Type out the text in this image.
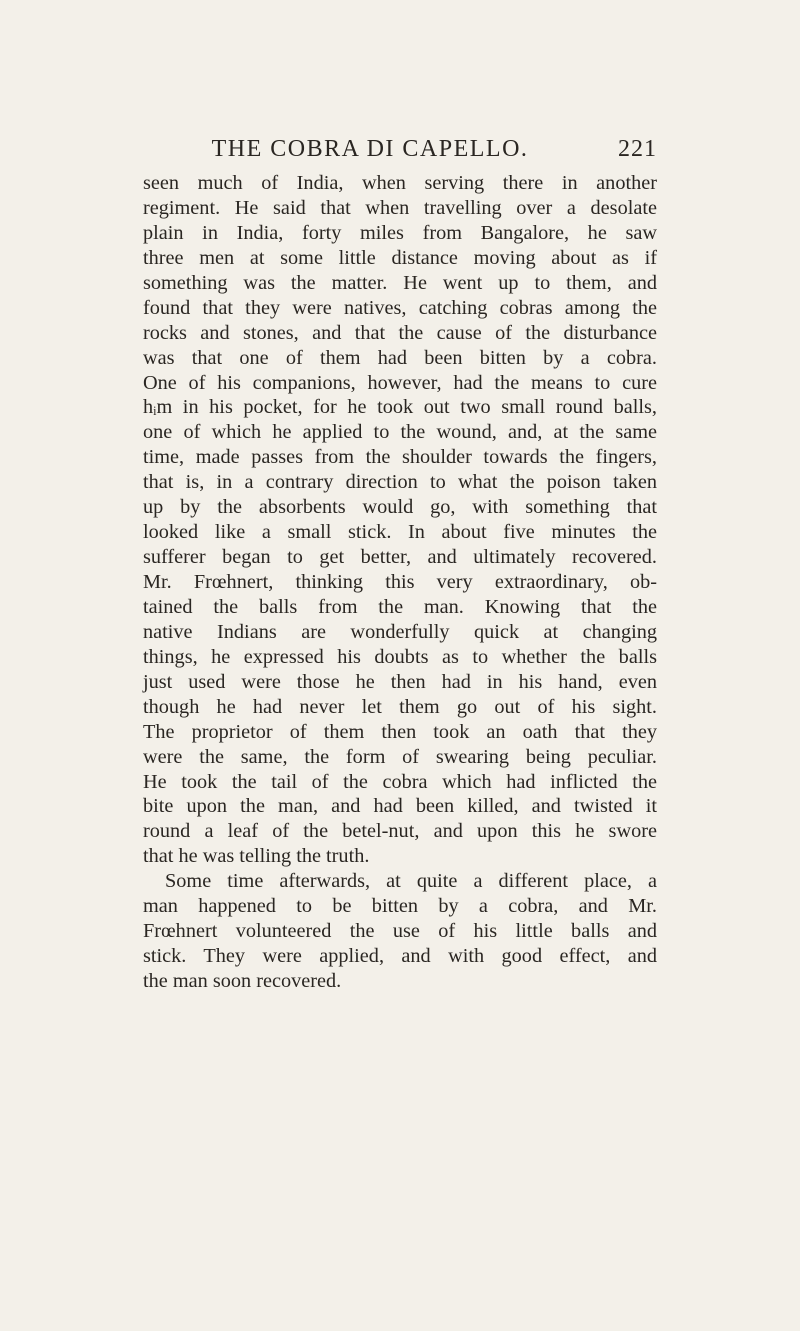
THE COBRA DI CAPELLO.	221
seen much of India, when serving there in another
regiment. He said that when travelling over a desolate
plain in India, forty miles from Bangalore, he saw
three men at some little distance moving about as if
something was the matter. He went up to them, and
found that they were natives, catching cobras among the
rocks and stones, and that the cause of the disturbance
was that one of them had been bitten by a cobra.
One of his companions, however, had the means to cure
hᵢm in his pocket, for he took out two small round balls,
one of which he applied to the wound, and, at the same
time, made passes from the shoulder towards the fingers,
that is, in a contrary direction to what the poison taken
up by the absorbents would go, with something that
looked like a small stick. In about five minutes the
sufferer began to get better, and ultimately recovered.
Mr. Frœhnert, thinking this very extraordinary, ob-
tained the balls from the man. Knowing that the
native Indians are wonderfully quick at changing
things, he expressed his doubts as to whether the balls
just used were those he then had in his hand, even
though he had never let them go out of his sight.
The proprietor of them then took an oath that they
were the same, the form of swearing being peculiar.
He took the tail of the cobra which had inflicted the
bite upon the man, and had been killed, and twisted it
round a leaf of the betel-nut, and upon this he swore
that he was telling the truth.
Some time afterwards, at quite a different place, a
man happened to be bitten by a cobra, and Mr.
Frœhnert volunteered the use of his little balls and
stick. They were applied, and with good effect, and
the man soon recovered.
